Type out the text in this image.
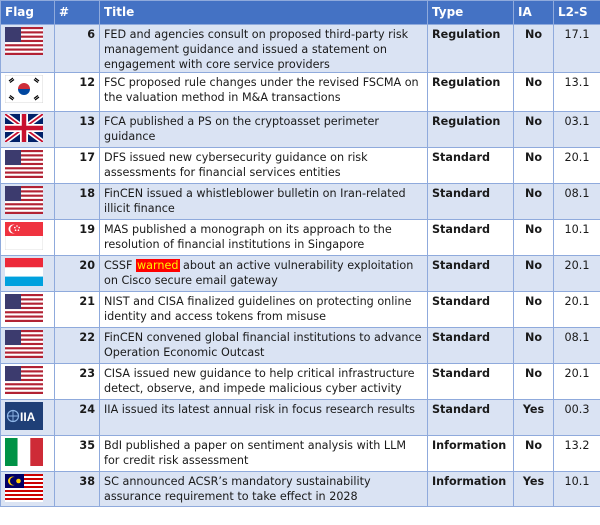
Flag	#	Title	Type	IA	L2-S

	6	FED and agencies consult on proposed third-party risk management guidance and issued a statement on engagement with core service providers	Regulation	No	17.1

	12	FSC proposed rule changes under the revised FSCMA on the valuation method in M&A transactions	Regulation	No	13.1

	13	FCA published a PS on the cryptoasset perimeter guidance	Regulation	No	03.1

	17	DFS issued new cybersecurity guidance on risk assessments for financial services entities	Standard	No	20.1

	18	FinCEN issued a whistleblower bulletin on Iran-related illicit finance	Standard	No	08.1

	19	MAS published a monograph on its approach to the resolution of financial institutions in Singapore	Standard	No	10.1

	20	CSSF warned about an active vulnerability exploitation on Cisco secure email gateway	Standard	No	20.1

	21	NIST and CISA finalized guidelines on protecting online identity and access tokens from misuse	Standard	No	20.1

	22	FinCEN convened global financial institutions to advance Operation Economic Outcast	Standard	No	08.1

	23	CISA issued new guidance to help critical infrastructure detect, observe, and impede malicious cyber activity	Standard	No	20.1

IIA	24	IIA issued its latest annual risk in focus research results	Standard	Yes	00.3

	35	BdI published a paper on sentiment analysis with LLM for credit risk assessment	Information	No	13.2

	38	SC announced ACSR’s mandatory sustainability assurance requirement to take effect in 2028	Information	Yes	10.1
